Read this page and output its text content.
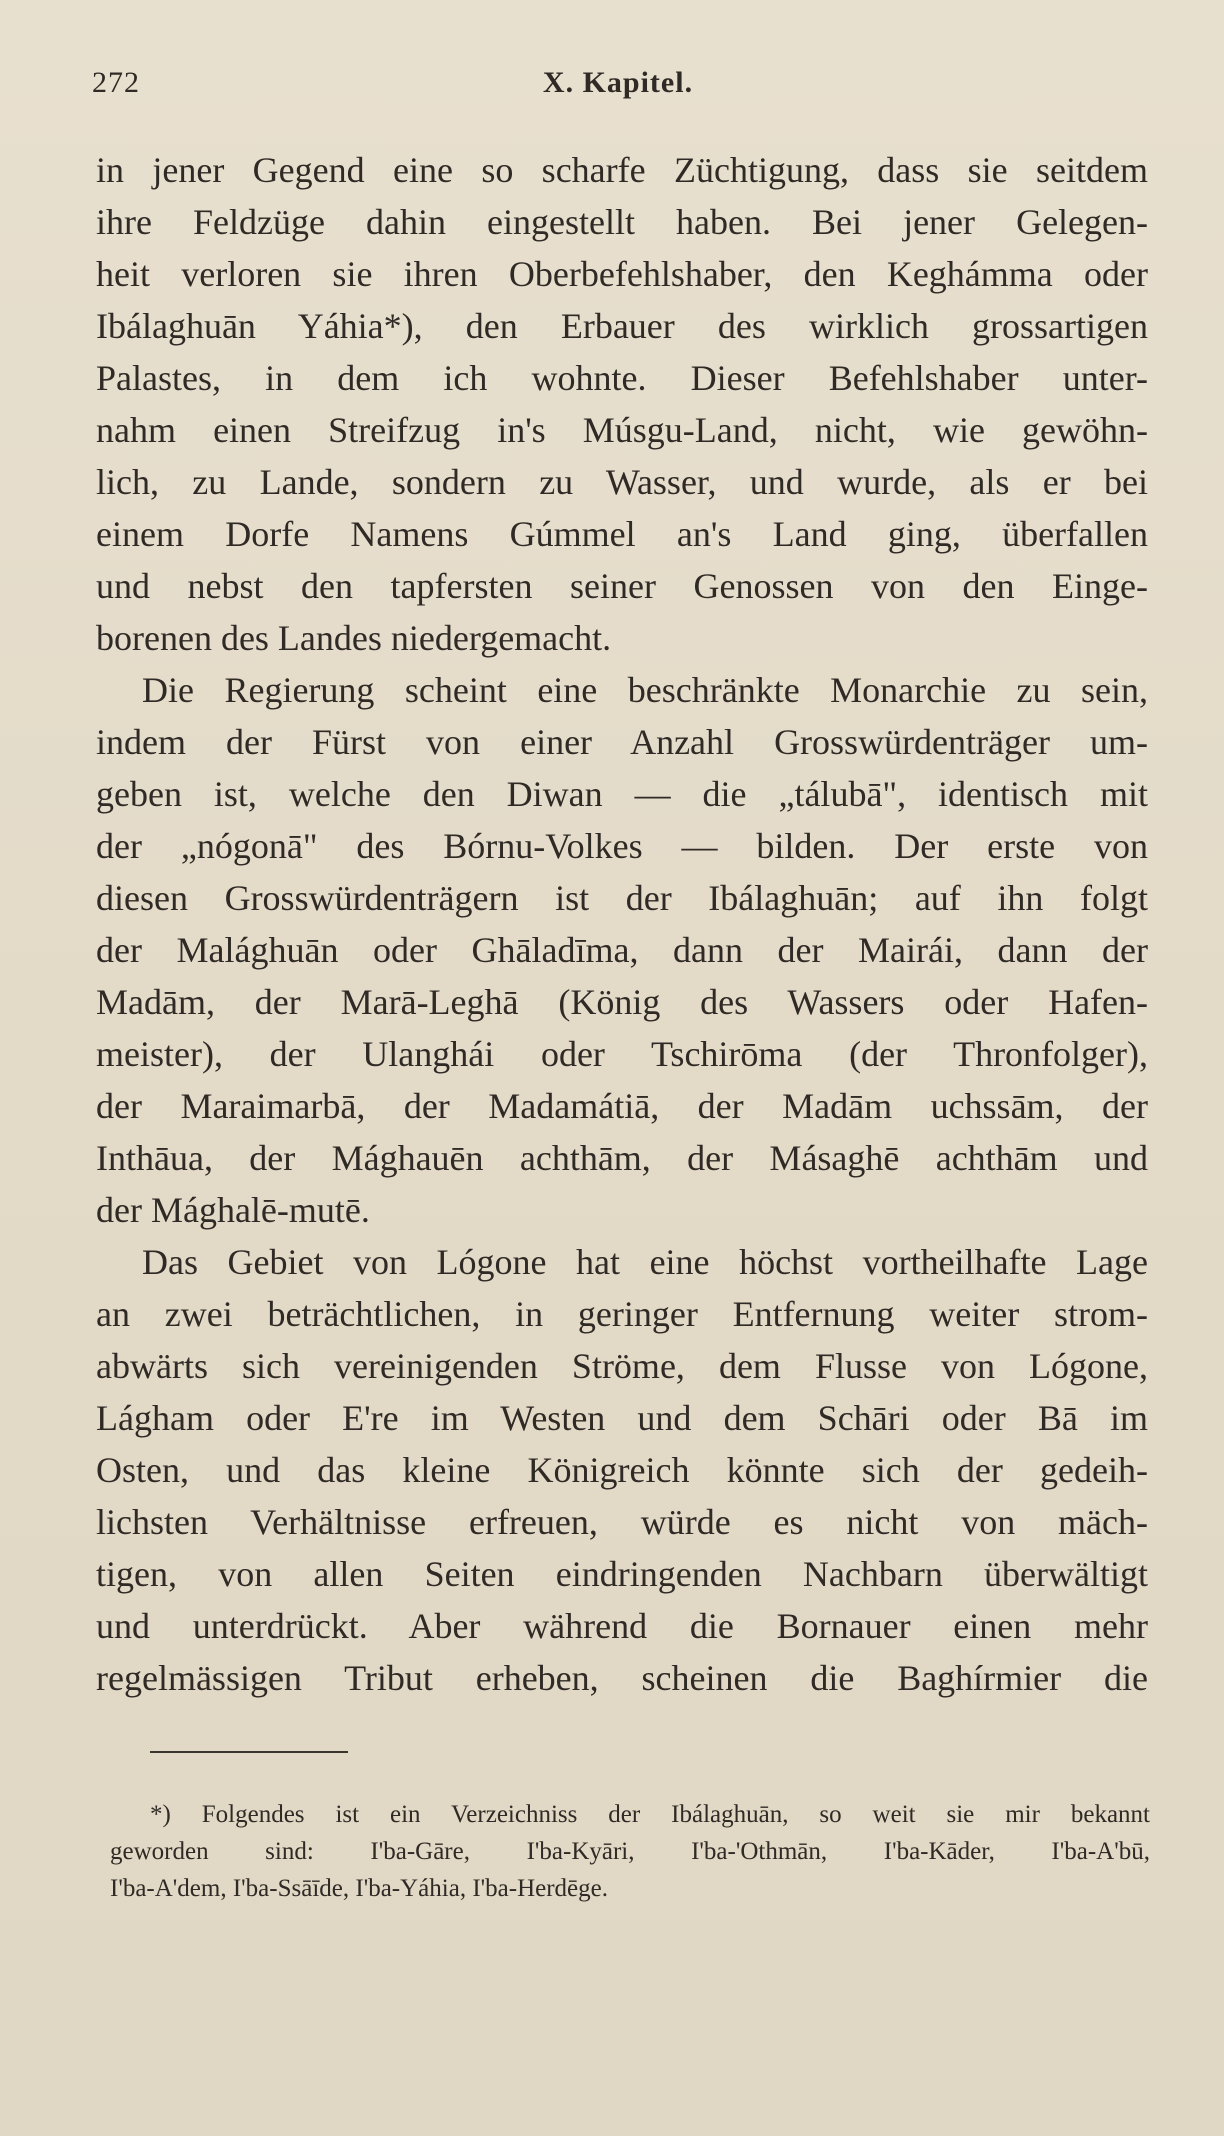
272	X. Kapitel.
in jener Gegend eine so scharfe Züchtigung, dass sie seitdem
ihre Feldzüge dahin eingestellt haben. Bei jener Gelegen-
heit verloren sie ihren Oberbefehlshaber, den Keghámma oder
Ibálaghuān Yáhia*), den Erbauer des wirklich grossartigen
Palastes, in dem ich wohnte. Dieser Befehlshaber unter-
nahm einen Streifzug in's Músgu-Land, nicht, wie gewöhn-
lich, zu Lande, sondern zu Wasser, und wurde, als er bei
einem Dorfe Namens Gúmmel an's Land ging, überfallen
und nebst den tapfersten seiner Genossen von den Einge-
borenen des Landes niedergemacht.
Die Regierung scheint eine beschränkte Monarchie zu sein,
indem der Fürst von einer Anzahl Grosswürdenträger um-
geben ist, welche den Diwan — die „tálubā", identisch mit
der „nógonā" des Bórnu-Volkes — bilden. Der erste von
diesen Grosswürdenträgern ist der Ibálaghuān; auf ihn folgt
der Malághuān oder Ghāladīma, dann der Mairái, dann der
Madām, der Marā-Leghā (König des Wassers oder Hafen-
meister), der Ulanghái oder Tschirōma (der Thronfolger),
der Maraimarbā, der Madamátiā, der Madām uchssām, der
Inthāua, der Mághauēn achthām, der Másaghē achthām und
der Mághalē-mutē.
Das Gebiet von Lógone hat eine höchst vortheilhafte Lage
an zwei beträchtlichen, in geringer Entfernung weiter strom-
abwärts sich vereinigenden Ströme, dem Flusse von Lógone,
Lágham oder E're im Westen und dem Schāri oder Bā im
Osten, und das kleine Königreich könnte sich der gedeih-
lichsten Verhältnisse erfreuen, würde es nicht von mäch-
tigen, von allen Seiten eindringenden Nachbarn überwältigt
und unterdrückt. Aber während die Bornauer einen mehr
regelmässigen Tribut erheben, scheinen die Baghírmier die
*) Folgendes ist ein Verzeichniss der Ibálaghuān, so weit sie mir bekannt
geworden sind: I'ba-Gāre, I'ba-Kyāri, I'ba-'Othmān, I'ba-Kāder, I'ba-A'bū,
I'ba-A'dem, I'ba-Ssāīde, I'ba-Yáhia, I'ba-Herdēge.
